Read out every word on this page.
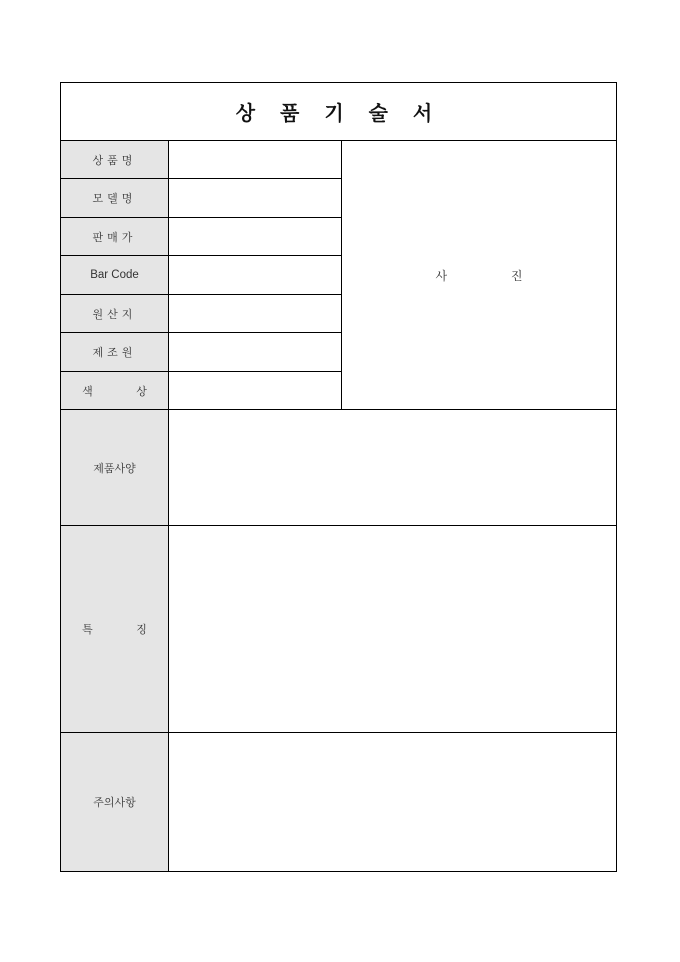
상 품 기 술 서
상품명
모델명
판매가
Bar Code
원산지
제조원
색 상
사 진
제품사양
특 징
주의사항
